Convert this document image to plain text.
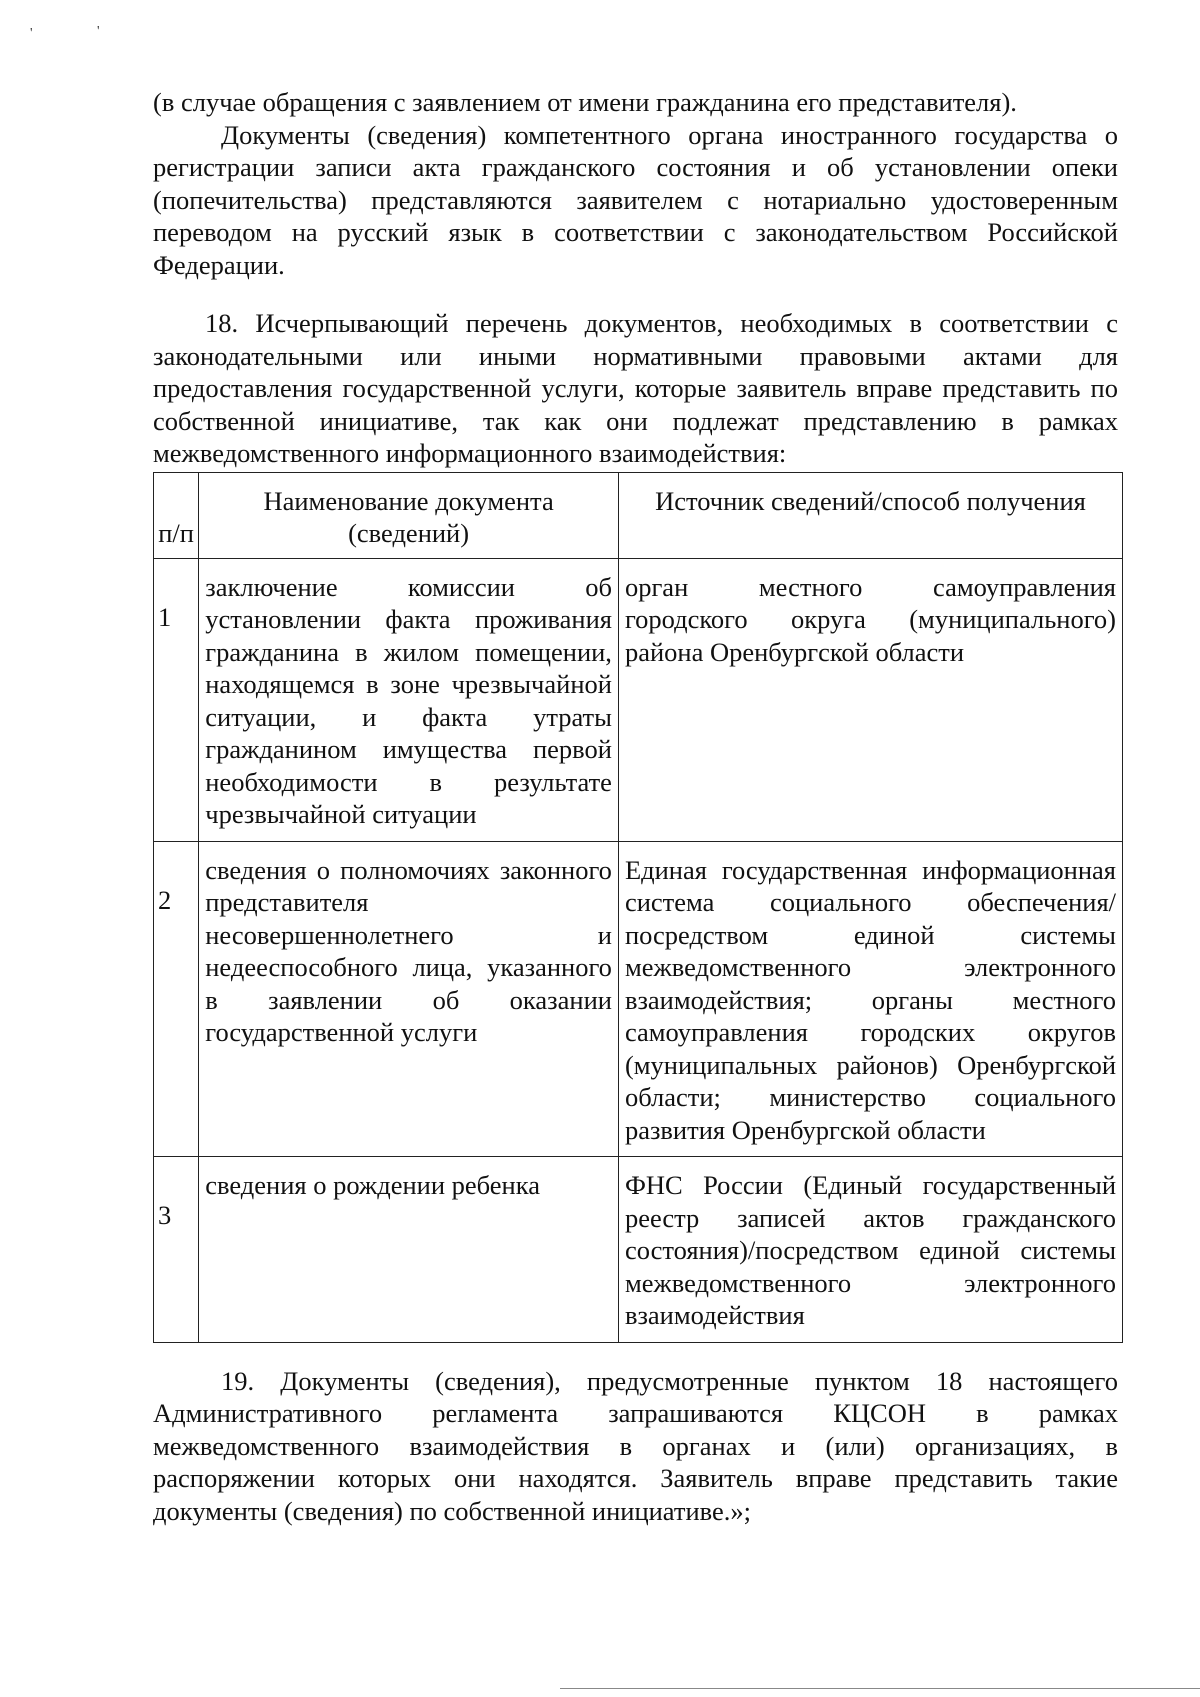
'	'

(в случае обращения с заявлением от имени гражданина его представителя).

Документы (сведения) компетентного органа иностранного государства о регистрации записи акта гражданского состояния и об установлении опеки (попечительства) представляются заявителем с нотариально удостоверенным переводом на русский язык в соответствии с законодательством Российской Федерации.

18. Исчерпывающий перечень документов, необходимых в соответствии с законодательными или иными нормативными правовыми актами для предоставления государственной услуги, которые заявитель вправе представить по собственной инициативе, так как они подлежат представлению в рамках межведомственного информационного взаимодействия:

п/п	Наименование документа (сведений)	Источник сведений/способ получения
1	заключение комиссии об установлении факта проживания гражданина в жилом помещении, находящемся в зоне чрезвычайной ситуации, и факта утраты гражданином имущества первой необходимости в результате чрезвычайной ситуации	орган местного самоуправления городского округа (муниципального) района Оренбургской области
2	сведения о полномочиях законного представителя несовершеннолетнего и недееспособного лица, указанного в заявлении об оказании государственной услуги	Единая государственная информационная система социального обеспечения/посредством единой системы межведомственного электронного взаимодействия; органы местного самоуправления городских округов (муниципальных районов) Оренбургской области; министерство социального развития Оренбургской области
3	сведения о рождении ребенка	ФНС России (Единый государственный реестр записей актов гражданского состояния)/посредством единой системы межведомственного электронного взаимодействия

19. Документы (сведения), предусмотренные пунктом 18 настоящего Административного регламента запрашиваются КЦСОН в рамках межведомственного взаимодействия в органах и (или) организациях, в распоряжении которых они находятся. Заявитель вправе представить такие документы (сведения) по собственной инициативе.»;
